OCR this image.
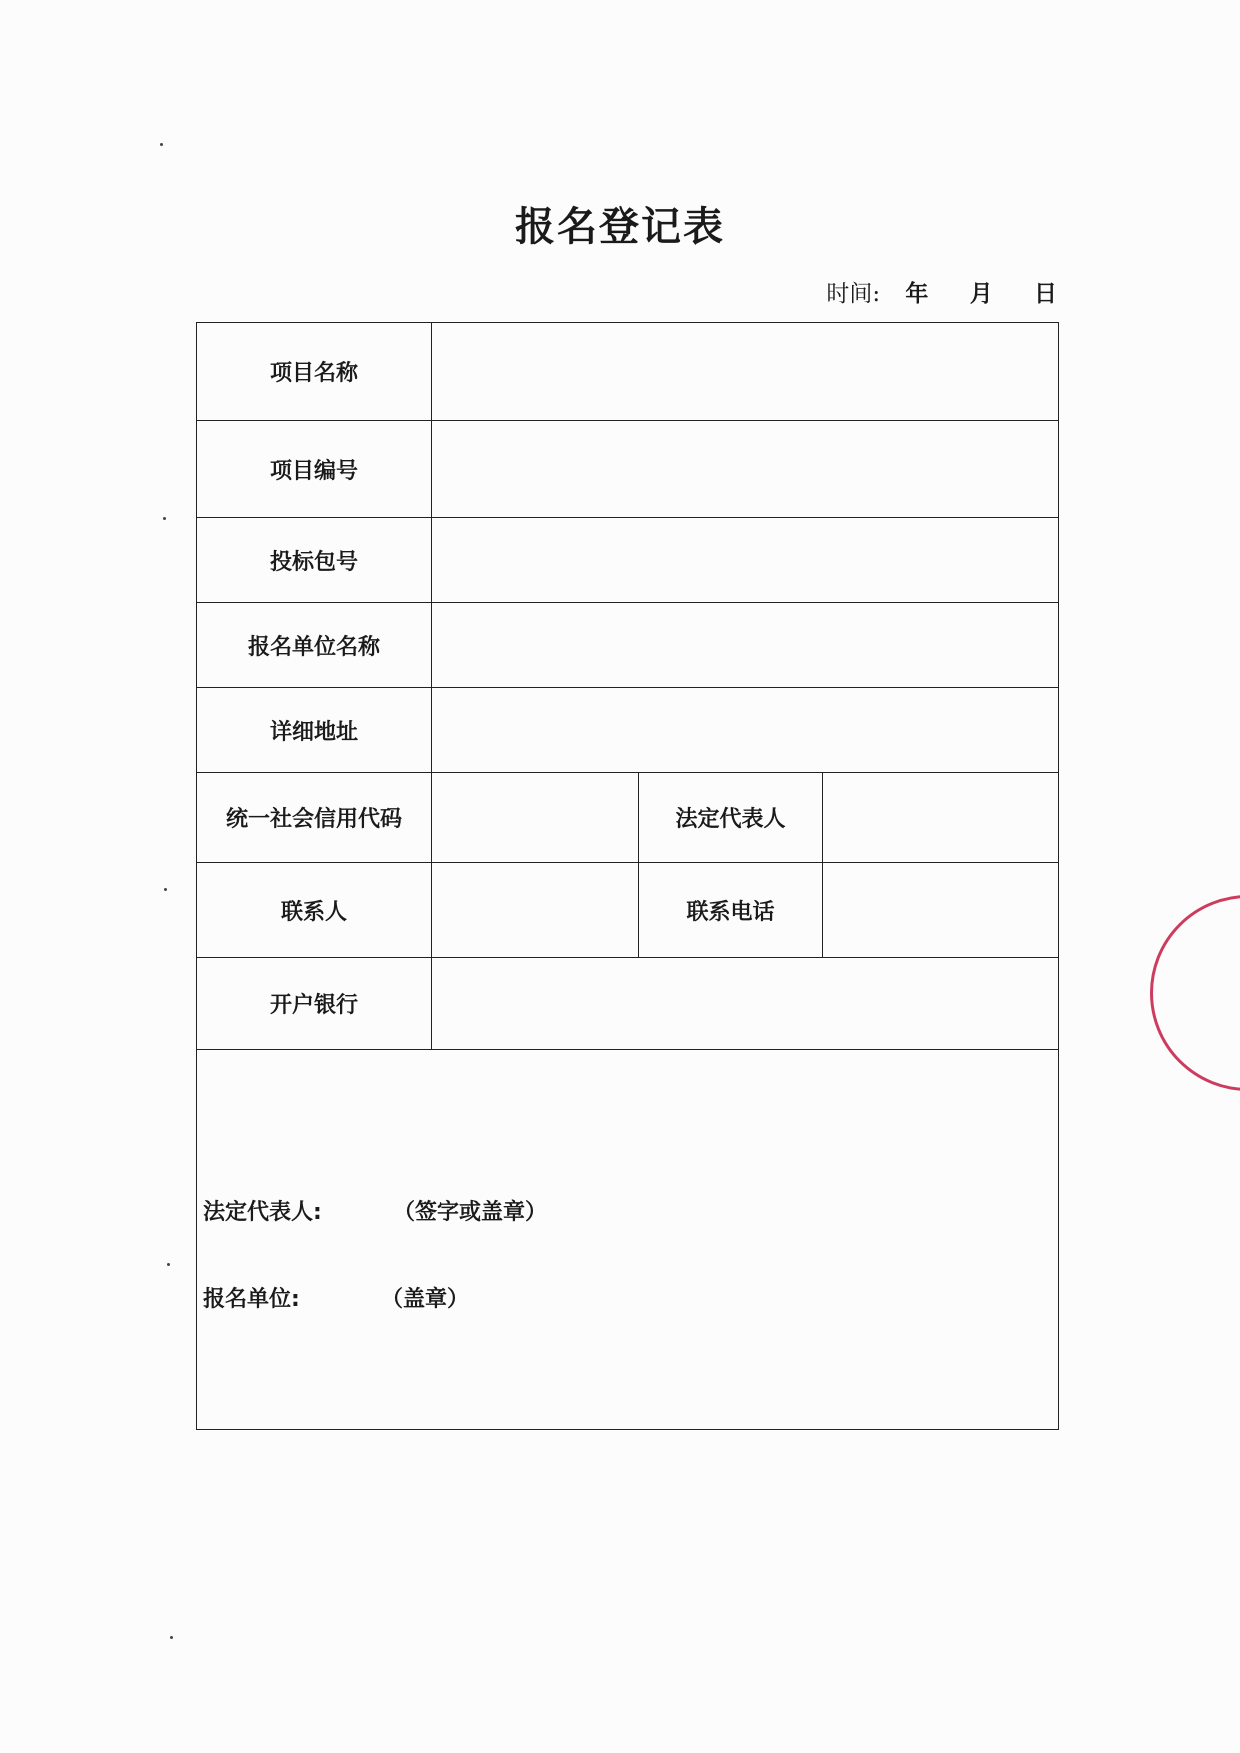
报名登记表
时间: 年 月 日
项目名称			
项目编号			
投标包号			
报名单位名称			
详细地址			
统一社会信用代码		法定代表人	
联系人		联系电话	
开户银行			

法定代表人: （签字或盖章）
报名单位: （盖章）			
